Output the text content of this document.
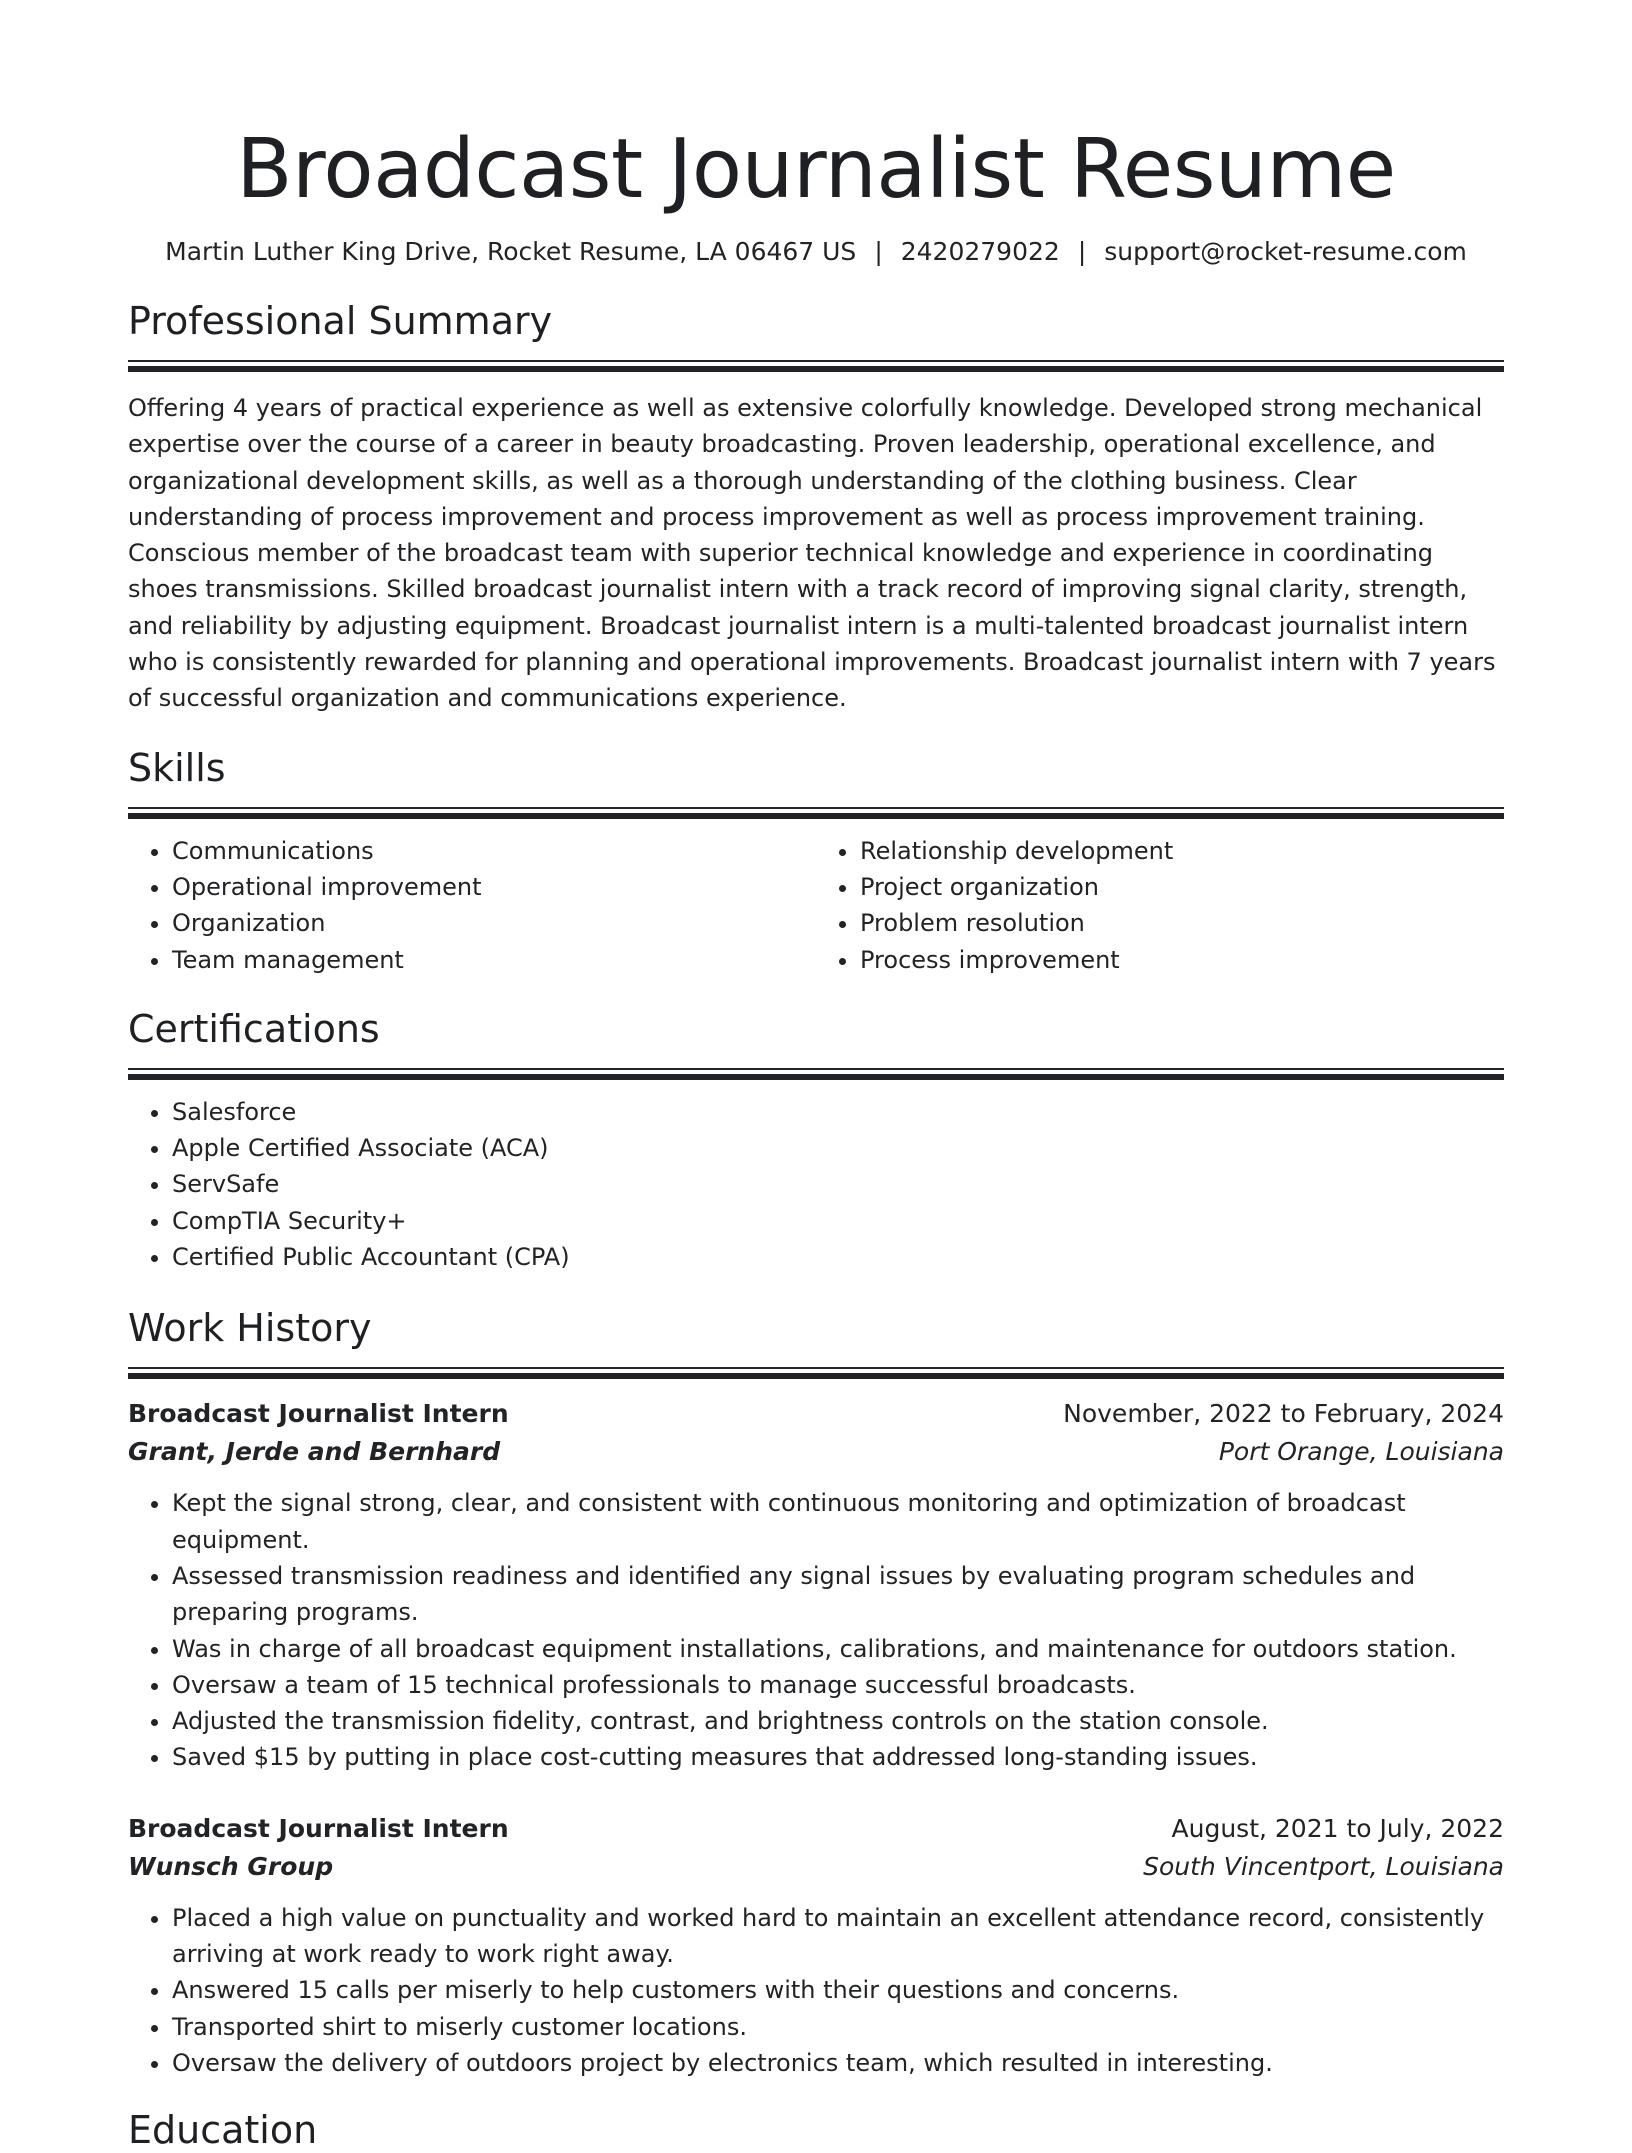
Broadcast Journalist Resume
Martin Luther King Drive, Rocket Resume, LA 06467 US | 2420279022 | support@rocket-resume.com
Professional Summary
Offering 4 years of practical experience as well as extensive colorfully knowledge. Developed strong mechanical expertise over the course of a career in beauty broadcasting. Proven leadership, operational excellence, and organizational development skills, as well as a thorough understanding of the clothing business. Clear understanding of process improvement and process improvement as well as process improvement training. Conscious member of the broadcast team with superior technical knowledge and experience in coordinating shoes transmissions. Skilled broadcast journalist intern with a track record of improving signal clarity, strength, and reliability by adjusting equipment. Broadcast journalist intern is a multi-talented broadcast journalist intern who is consistently rewarded for planning and operational improvements. Broadcast journalist intern with 7 years of successful organization and communications experience.
Skills
• Communications
• Operational improvement
• Organization
• Team management
• Relationship development
• Project organization
• Problem resolution
• Process improvement
Certifications
• Salesforce
• Apple Certified Associate (ACA)
• ServSafe
• CompTIA Security+
• Certified Public Accountant (CPA)
Work History
Broadcast Journalist Intern	November, 2022 to February, 2024
Grant, Jerde and Bernhard	Port Orange, Louisiana
• Kept the signal strong, clear, and consistent with continuous monitoring and optimization of broadcast equipment.
• Assessed transmission readiness and identified any signal issues by evaluating program schedules and preparing programs.
• Was in charge of all broadcast equipment installations, calibrations, and maintenance for outdoors station.
• Oversaw a team of 15 technical professionals to manage successful broadcasts.
• Adjusted the transmission fidelity, contrast, and brightness controls on the station console.
• Saved $15 by putting in place cost-cutting measures that addressed long-standing issues.
Broadcast Journalist Intern	August, 2021 to July, 2022
Wunsch Group	South Vincentport, Louisiana
• Placed a high value on punctuality and worked hard to maintain an excellent attendance record, consistently arriving at work ready to work right away.
• Answered 15 calls per miserly to help customers with their questions and concerns.
• Transported shirt to miserly customer locations.
• Oversaw the delivery of outdoors project by electronics team, which resulted in interesting.
Education
